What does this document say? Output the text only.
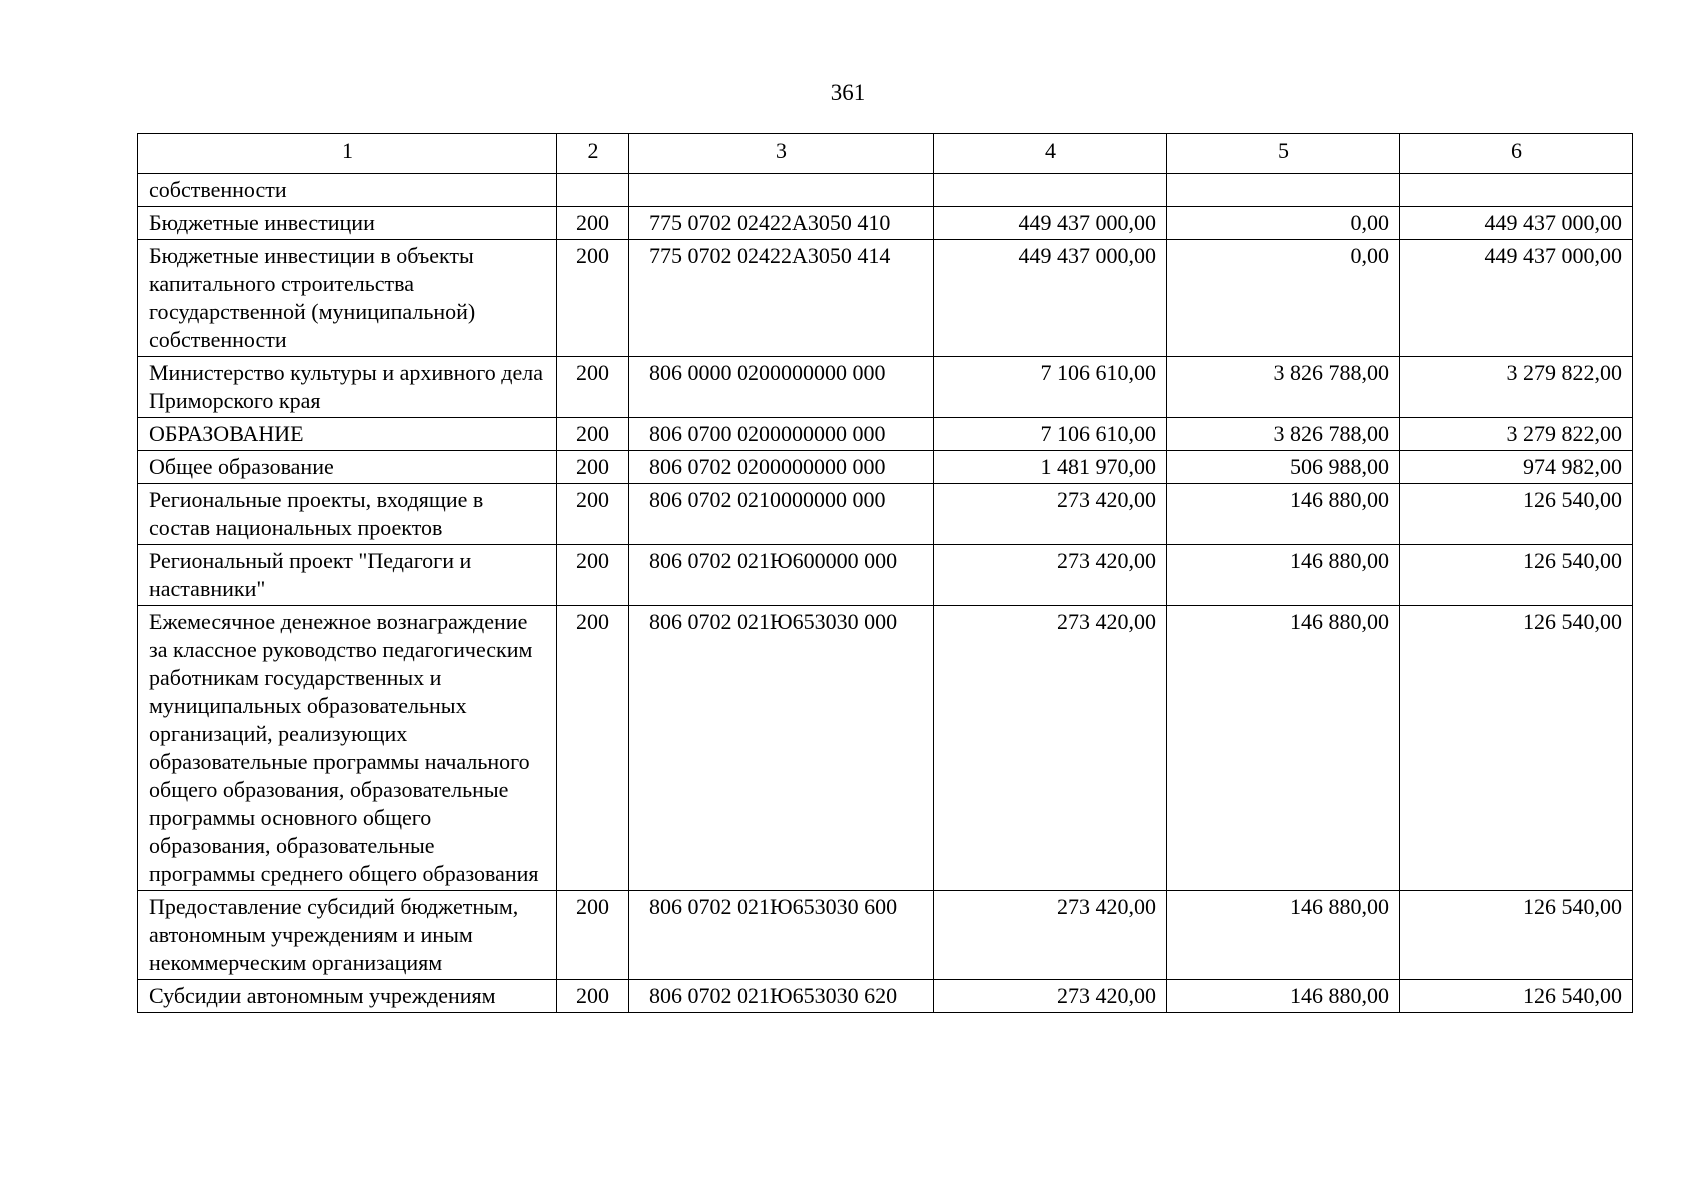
361
1	2	3	4	5	6
собственности					
Бюджетные инвестиции	200	775 0702 02422А3050 410	449 437 000,00	0,00	449 437 000,00
Бюджетные инвестиции в объекты капитального строительства государственной (муниципальной) собственности	200	775 0702 02422А3050 414	449 437 000,00	0,00	449 437 000,00
Министерство культуры и архивного дела Приморского края	200	806 0000 0200000000 000	7 106 610,00	3 826 788,00	3 279 822,00
ОБРАЗОВАНИЕ	200	806 0700 0200000000 000	7 106 610,00	3 826 788,00	3 279 822,00
Общее образование	200	806 0702 0200000000 000	1 481 970,00	506 988,00	974 982,00
Региональные проекты, входящие в состав национальных проектов	200	806 0702 0210000000 000	273 420,00	146 880,00	126 540,00
Региональный проект "Педагоги и наставники"	200	806 0702 021Ю600000 000	273 420,00	146 880,00	126 540,00
Ежемесячное денежное вознаграждение за классное руководство педагогическим работникам государственных и муниципальных образовательных организаций, реализующих образовательные программы начального общего образования, образовательные программы основного общего образования, образовательные программы среднего общего образования	200	806 0702 021Ю653030 000	273 420,00	146 880,00	126 540,00
Предоставление субсидий бюджетным, автономным учреждениям и иным некоммерческим организациям	200	806 0702 021Ю653030 600	273 420,00	146 880,00	126 540,00
Субсидии автономным учреждениям	200	806 0702 021Ю653030 620	273 420,00	146 880,00	126 540,00
